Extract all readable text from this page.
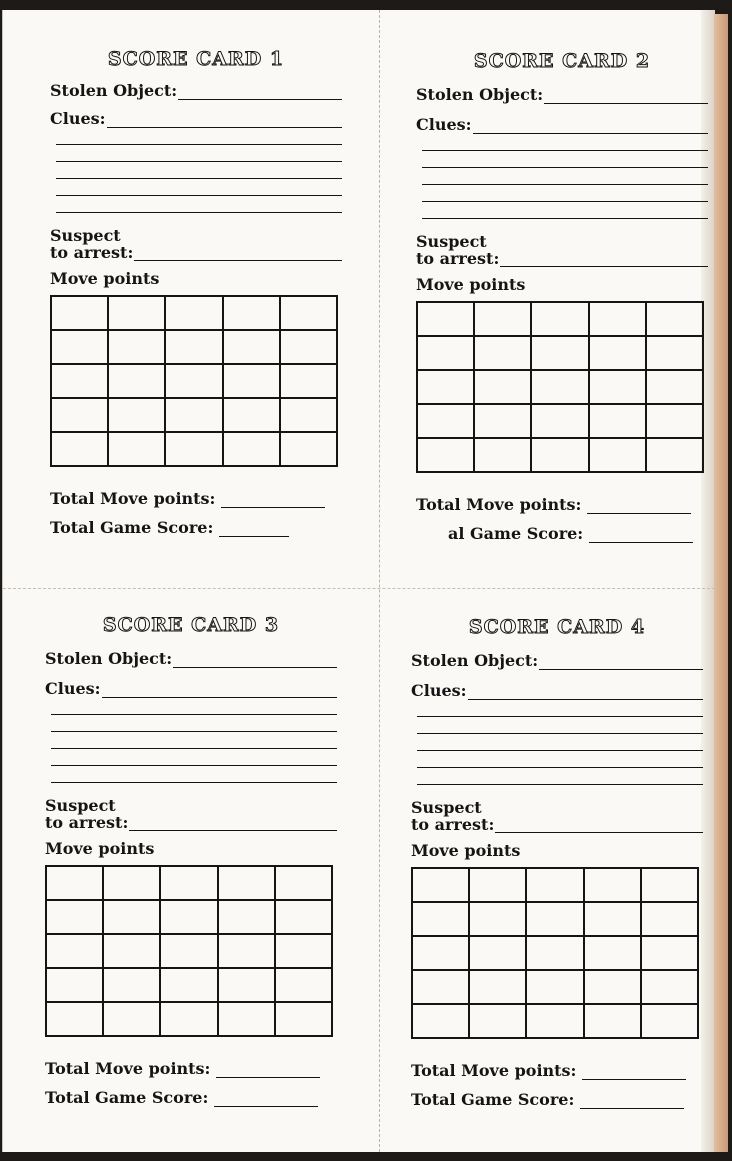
SCORE CARD 1
Stolen Object:
Clues:
Suspect
to arrest:
Move points

Total Move points:
Total Game Score:
SCORE CARD 2
Stolen Object:
Clues:
Suspect
to arrest:
Move points

Total Move points:
al Game Score:
SCORE CARD 3
Stolen Object:
Clues:
Suspect
to arrest:
Move points

Total Move points:
Total Game Score:
SCORE CARD 4
Stolen Object:
Clues:
Suspect
to arrest:
Move points

Total Move points:
Total Game Score:
